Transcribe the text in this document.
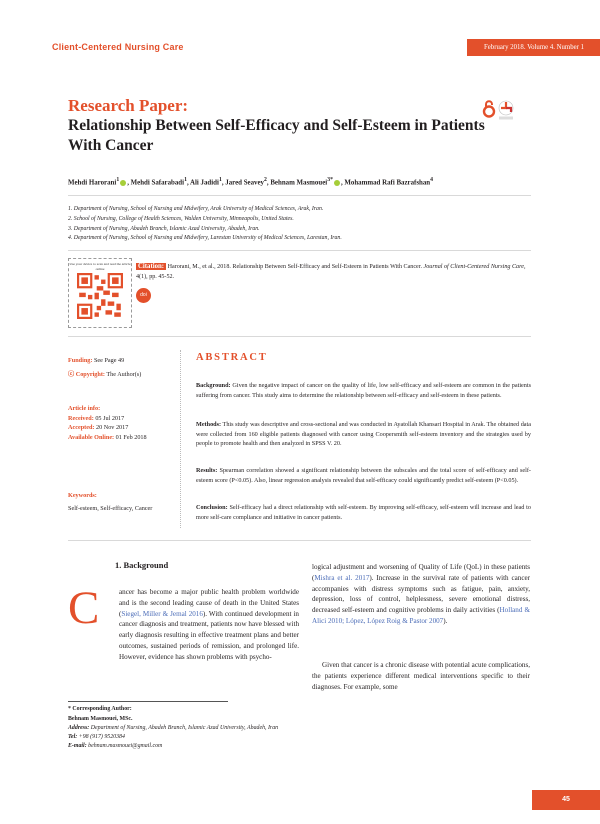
Client-Centered Nursing Care	February 2018. Volume 4. Number 1
Research Paper:
Relationship Between Self-Efficacy and Self-Esteem in Patients With Cancer
Mehdi Harorani$^1$ , Mehdi Safarabadi$^1$, Ali Jadidi$^1$, Jared Seavey$^2$, Behnam Masmouei$^{3*}$ , Mohammad Rafi Bazrafshan$^4$
1. Department of Nursing, School of Nursing and Midwifery, Arak University of Medical Sciences, Arak, Iran.
2. School of Nursing, College of Health Sciences, Walden University, Minneapolis, United States.
3. Department of Nursing, Abadeh Branch, Islamic Azad University, Abadeh, Iran.
4. Department of Nursing, School of Nursing and Midwifery, Larestan University of Medical Sciences, Larestan, Iran.
Use your device to scan and read the article online	Citation: Harorani, M., et al., 2018. Relationship Between Self-Efficacy and Self-Esteem in Patients With Cancer. Journal of Client-Centered Nursing Care, 4(1), pp. 45-52.
doi
Funding: See Page 49
ⓒ Copyright: The Author(s)
Article info:
Received: 05 Jul 2017
Accepted: 20 Nov 2017
Available Online: 01 Feb 2018
Keywords:
Self-esteem, Self-efficacy, Cancer
ABSTRACT
Background: Given the negative impact of cancer on the quality of life, low self-efficacy and self-esteem are common in the patients suffering from cancer. This study aims to determine the relationship between self-efficacy and self-esteem in these patients.
Methods: This study was descriptive and cross-sectional and was conducted in Ayatollah Khansari Hospital in Arak. The obtained data were collected from 160 eligible patients diagnosed with cancer using Coopersmith self-esteem inventory and the strategies used by people to promote health and then analyzed in SPSS V. 20.
Results: Spearman correlation showed a significant relationship between the subscales and the total score of self-efficacy and self-esteem score (P<0.05). Also, linear regression analysis revealed that self-efficacy could significantly predict self-esteem (P<0.05).
Conclusion: Self-efficacy had a direct relationship with self-esteem. By improving self-efficacy, self-esteem will increase and lead to more self-care compliance and initiative in cancer patients.
1. Background
C	ancer has become a major public health problem worldwide and is the second leading cause of death in the United States (Siegel, Miller & Jemal 2016). With continued development in cancer diagnosis and treatment, patients now have blessed with early diagnosis resulting in effective treatment plans and better outcomes, sustained periods of remission, and prolonged life. However, evidence has shown problems with psycho-
logical adjustment and worsening of Quality of Life (QoL) in these patients (Mishra et al. 2017). Increase in the survival rate of patients with cancer accompanies with distress symptoms such as fatigue, pain, anxiety, depression, loss of control, helplessness, severe emotional distress, decreased self-esteem and cognitive problems in daily activities (Holland & Alici 2010; López, López Roig & Pastor 2007).
Given that cancer is a chronic disease with potential acute complications, the patients experience different medical interventions specific to their diagnoses. For example, some
* Corresponding Author:
Behnam Masmouei, MSc.
Address: Department of Nursing, Abadeh Branch, Islamic Azad University, Abadeh, Iran
Tel: +98 (917) 9520384
E-mail: behnam.masmouei@gmail.com
45
